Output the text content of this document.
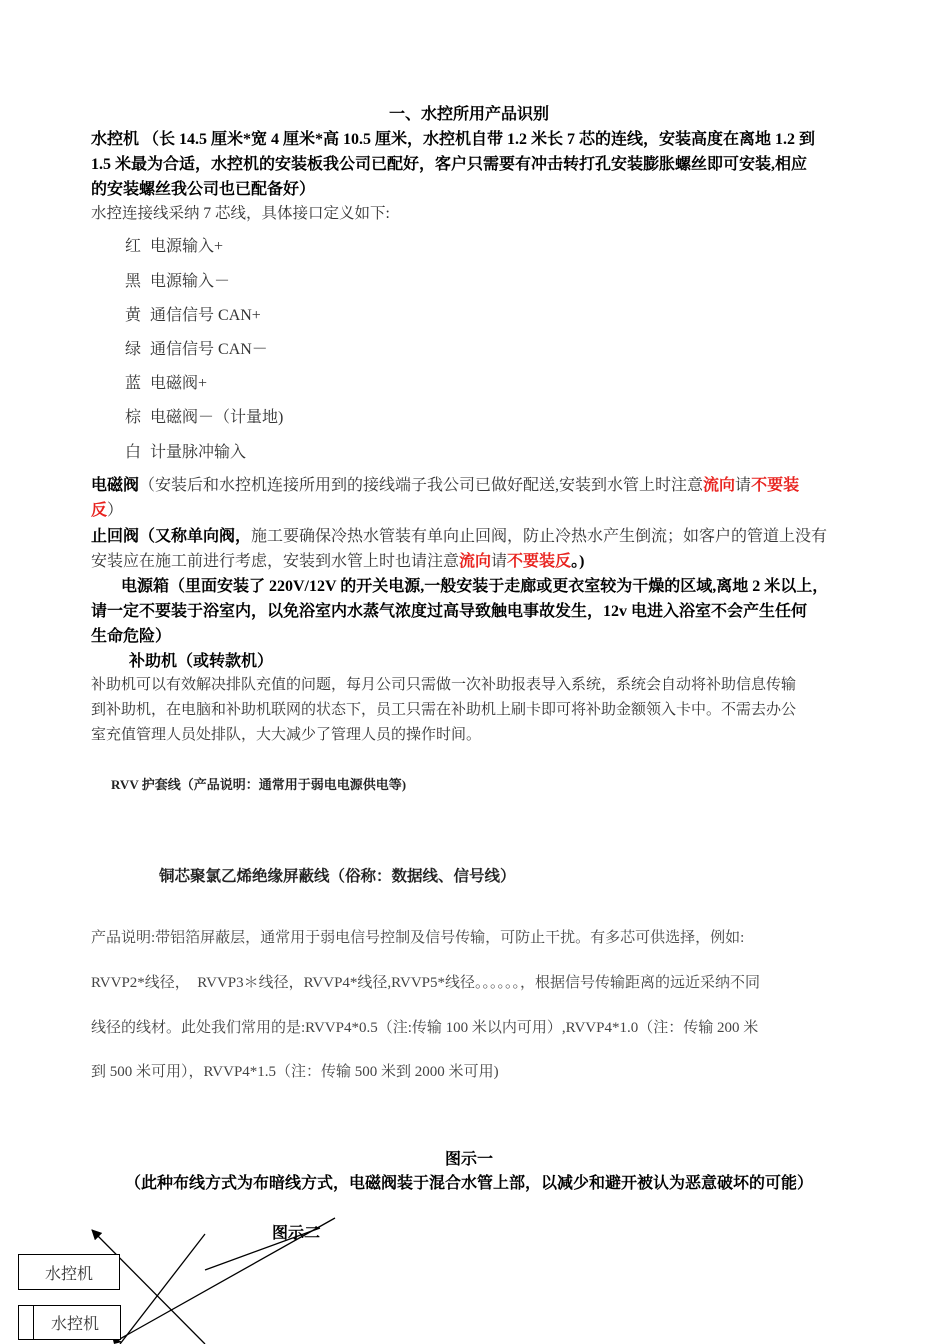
一、水控所用产品识别
水控机 （长 14.5 厘米*宽 4 厘米*高 10.5 厘米，水控机自带 1.2 米长 7 芯的连线，安装高度在离地 1.2 到
1.5 米最为合适，水控机的安装板我公司已配好，客户只需要有冲击转打孔安装膨胀螺丝即可安装,相应
的安装螺丝我公司也已配备好）
水控连接线采纳 7 芯线，具体接口定义如下:
红 电源输入+
黑 电源输入－
黄 通信信号 CAN+
绿 通信信号 CAN－
蓝 电磁阀+
棕 电磁阀－（计量地)
白 计量脉冲输入
电磁阀（安装后和水控机连接所用到的接线端子我公司已做好配送,安装到水管上时注意流向请不要装
反）
止回阀（又称单向阀，施工要确保冷热水管装有单向止回阀，防止冷热水产生倒流；如客户的管道上没有
安装应在施工前进行考虑，安装到水管上时也请注意流向请不要装反。)
电源箱（里面安装了 220V/12V 的开关电源,一般安装于走廊或更衣室较为干燥的区域,离地 2 米以上，
请一定不要装于浴室内，以免浴室内水蒸气浓度过高导致触电事故发生，12v 电进入浴室不会产生任何
生命危险）
补助机（或转款机）
补助机可以有效解决排队充值的问题，每月公司只需做一次补助报表导入系统，系统会自动将补助信息传输
到补助机，在电脑和补助机联网的状态下，员工只需在补助机上刷卡即可将补助金额领入卡中。不需去办公
室充值管理人员处排队，大大减少了管理人员的操作时间。
RVV 护套线（产品说明：通常用于弱电电源供电等)
铜芯聚氯乙烯绝缘屏蔽线（俗称：数据线、信号线）
产品说明:带铝箔屏蔽层，通常用于弱电信号控制及信号传输，可防止干扰。有多芯可供选择，例如:
RVVP2*线径，　RVVP3＊线径，RVVP4*线径,RVVP5*线径。。。。。。，根据信号传输距离的远近采纳不同
线径的线材。此处我们常用的是:RVVP4*0.5（注:传输 100 米以内可用）,RVVP4*1.0（注：传输 200 米
到 500 米可用），RVVP4*1.5（注：传输 500 米到 2000 米可用)
图示一
（此种布线方式为布暗线方式，电磁阀装于混合水管上部，以减少和避开被认为恶意破坏的可能）
图示二
水控机
水控机
